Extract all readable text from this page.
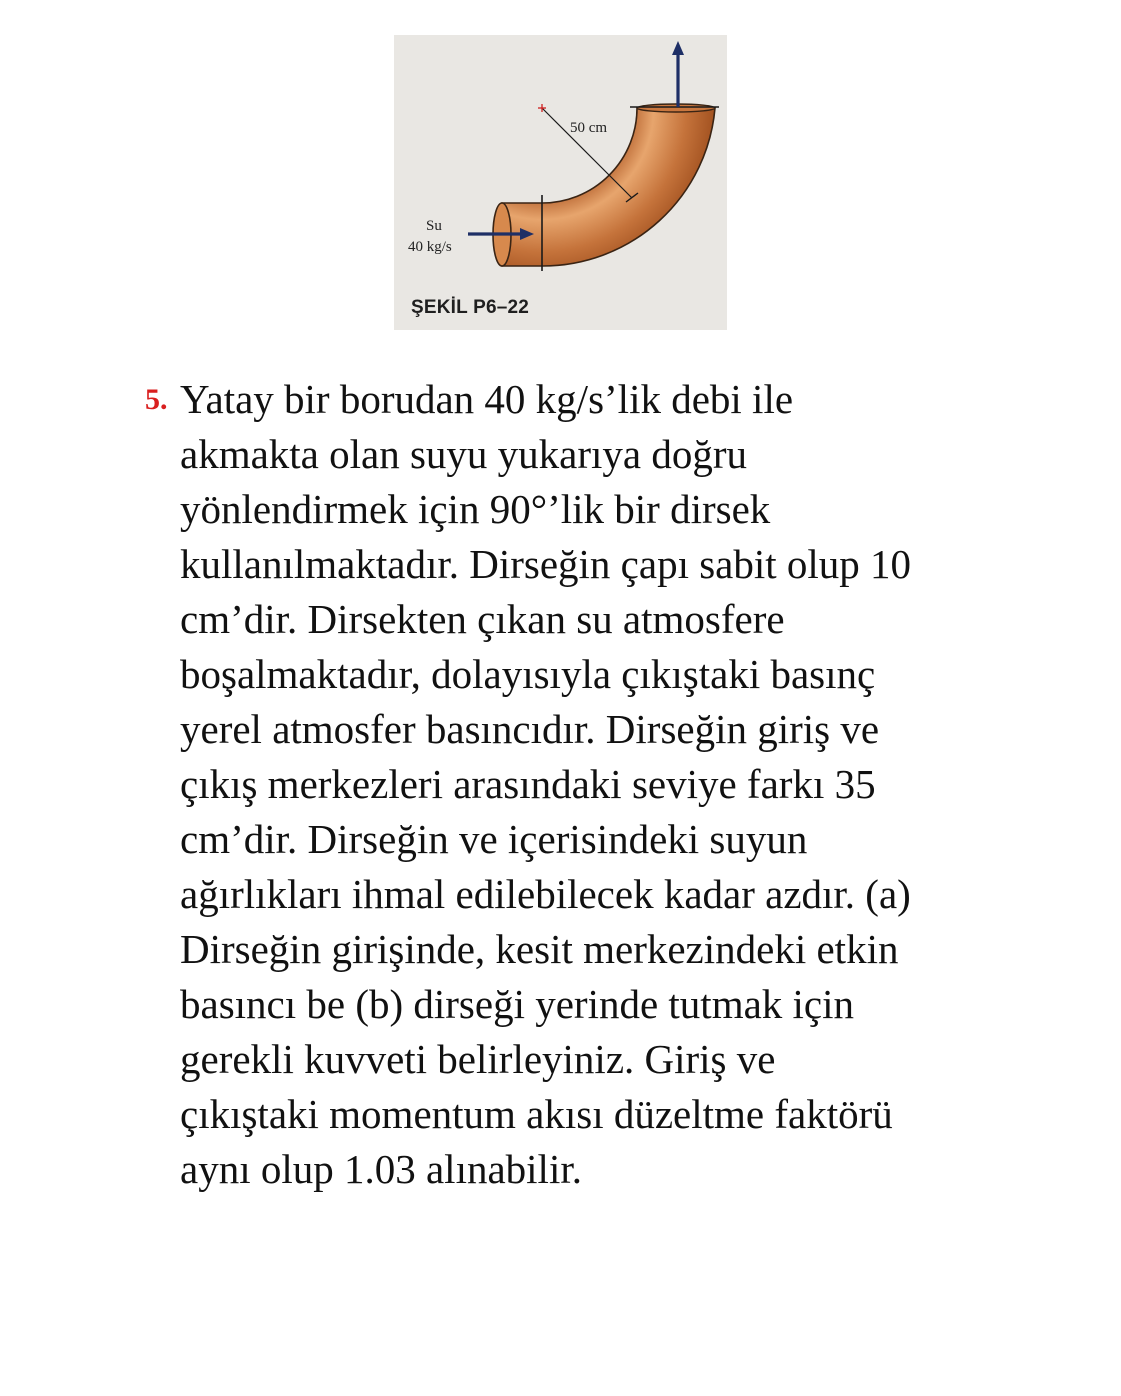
50 cm
Su
40 kg/s
ŞEKİL P6–22
5. Yatay bir borudan 40 kg/s’lik debi ile
akmakta olan suyu yukarıya doğru
yönlendirmek için 90°’lik bir dirsek
kullanılmaktadır. Dirseğin çapı sabit olup 10
cm’dir. Dirsekten çıkan su atmosfere
boşalmaktadır, dolayısıyla çıkıştaki basınç
yerel atmosfer basıncıdır. Dirseğin giriş ve
çıkış merkezleri arasındaki seviye farkı 35
cm’dir. Dirseğin ve içerisindeki suyun
ağırlıkları ihmal edilebilecek kadar azdır. (a)
Dirseğin girişinde, kesit merkezindeki etkin
basıncı be (b) dirseği yerinde tutmak için
gerekli kuvveti belirleyiniz. Giriş ve
çıkıştaki momentum akısı düzeltme faktörü
aynı olup 1.03 alınabilir.
